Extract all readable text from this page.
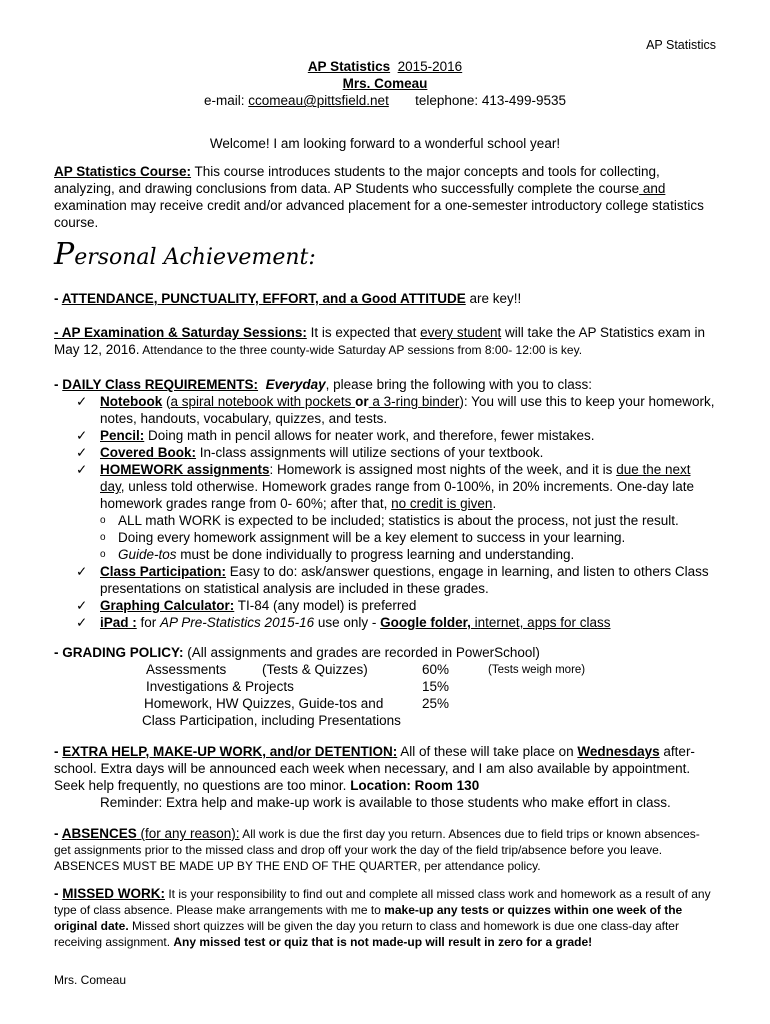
AP Statistics
AP Statistics 2015-2016
Mrs. Comeau
e-mail: ccomeau@pittsfield.net telephone: 413-499-9535
Welcome! I am looking forward to a wonderful school year!
AP Statistics Course: This course introduces students to the major concepts and tools for collecting, analyzing, and drawing conclusions from data. AP Students who successfully complete the course and examination may receive credit and/or advanced placement for a one-semester introductory college statistics course.
Personal Achievement:
- ATTENDANCE, PUNCTUALITY, EFFORT, and a Good ATTITUDE are key!!
- AP Examination & Saturday Sessions: It is expected that every student will take the AP Statistics exam in May 12, 2016. Attendance to the three county-wide Saturday AP sessions from 8:00- 12:00 is key.
- DAILY Class REQUIREMENTS: Everyday, please bring the following with you to class:
✓ Notebook (a spiral notebook with pockets or a 3-ring binder): You will use this to keep your homework, notes, handouts, vocabulary, quizzes, and tests.
✓ Pencil: Doing math in pencil allows for neater work, and therefore, fewer mistakes.
✓ Covered Book: In-class assignments will utilize sections of your textbook.
✓ HOMEWORK assignments: Homework is assigned most nights of the week, and it is due the next day, unless told otherwise. Homework grades range from 0-100%, in 20% increments. One-day late homework grades range from 0- 60%; after that, no credit is given.
o ALL math WORK is expected to be included; statistics is about the process, not just the result.
o Doing every homework assignment will be a key element to success in your learning.
o Guide-tos must be done individually to progress learning and understanding.
✓ Class Participation: Easy to do: ask/answer questions, engage in learning, and listen to others Class presentations on statistical analysis are included in these grades.
✓ Graphing Calculator: TI-84 (any model) is preferred
✓ iPad : for AP Pre-Statistics 2015-16 use only - Google folder, internet, apps for class
- GRADING POLICY: (All assignments and grades are recorded in PowerSchool)
Assessments	(Tests & Quizzes)	60%	(Tests weigh more)
Investigations & Projects	15%
Homework, HW Quizzes, Guide-tos and	25%
Class Participation, including Presentations
- EXTRA HELP, MAKE-UP WORK, and/or DETENTION: All of these will take place on Wednesdays after-school. Extra days will be announced each week when necessary, and I am also available by appointment. Seek help frequently, no questions are too minor. Location: Room 130
Reminder: Extra help and make-up work is available to those students who make effort in class.
- ABSENCES (for any reason): All work is due the first day you return. Absences due to field trips or known absences- get assignments prior to the missed class and drop off your work the day of the field trip/absence before you leave. ABSENCES MUST BE MADE UP BY THE END OF THE QUARTER, per attendance policy.
- MISSED WORK: It is your responsibility to find out and complete all missed class work and homework as a result of any type of class absence. Please make arrangements with me to make-up any tests or quizzes within one week of the original date. Missed short quizzes will be given the day you return to class and homework is due one class-day after receiving assignment. Any missed test or quiz that is not made-up will result in zero for a grade!
Mrs. Comeau
